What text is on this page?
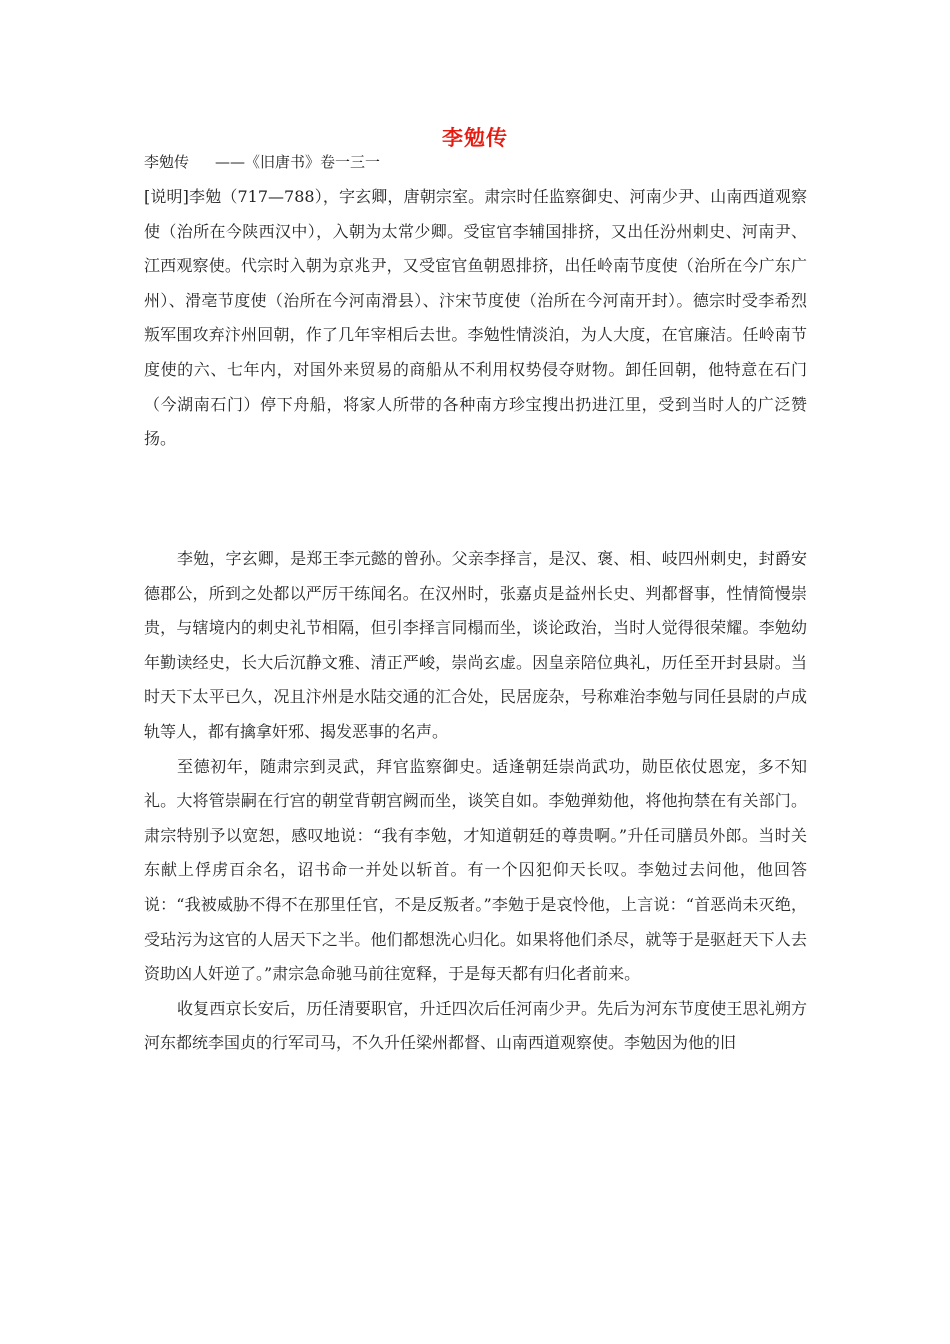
李勉传
李勉传 ——《旧唐书》卷一三一

[说明]李勉（717—788），字玄卿，唐朝宗室。肃宗时任监察御史、河南少尹、山南西道观察使（治所在今陕西汉中），入朝为太常少卿。受宦官李辅国排挤，又出任汾州刺史、河南尹、江西观察使。代宗时入朝为京兆尹，又受宦官鱼朝恩排挤，出任岭南节度使（治所在今广东广州）、滑亳节度使（治所在今河南滑县）、汴宋节度使（治所在今河南开封）。德宗时受李希烈叛军围攻弃汴州回朝，作了几年宰相后去世。李勉性情淡泊，为人大度，在官廉洁。任岭南节度使的六、七年内，对国外来贸易的商船从不利用权势侵夺财物。卸任回朝，他特意在石门（今湖南石门）停下舟船，将家人所带的各种南方珍宝搜出扔进江里，受到当时人的广泛赞扬。

李勉，字玄卿，是郑王李元懿的曾孙。父亲李择言，是汉、褒、相、岐四州刺史，封爵安德郡公，所到之处都以严厉干练闻名。在汉州时，张嘉贞是益州长史、判都督事，性情简慢崇贵，与辖境内的刺史礼节相隔，但引李择言同榻而坐，谈论政治，当时人觉得很荣耀。李勉幼年勤读经史，长大后沉静文雅、清正严峻，崇尚玄虚。因皇亲陪位典礼，历任至开封县尉。当时天下太平已久，况且汴州是水陆交通的汇合处，民居庞杂，号称难治李勉与同任县尉的卢成轨等人，都有擒拿奸邪、揭发恶事的名声。

至德初年，随肃宗到灵武，拜官监察御史。适逢朝廷崇尚武功，勋臣依仗恩宠，多不知礼。大将管崇嗣在行宫的朝堂背朝宫阙而坐，谈笑自如。李勉弹劾他，将他拘禁在有关部门。肃宗特别予以宽恕，感叹地说：“我有李勉，才知道朝廷的尊贵啊。”升任司膳员外郎。当时关东献上俘虏百余名，诏书命一并处以斩首。有一个囚犯仰天长叹。李勉过去问他，他回答说：“我被威胁不得不在那里任官，不是反叛者。”李勉于是哀怜他，上言说：“首恶尚未灭绝，受玷污为这官的人居天下之半。他们都想洗心归化。如果将他们杀尽，就等于是驱赶天下人去资助凶人奸逆了。”肃宗急命驰马前往宽释，于是每天都有归化者前来。

收复西京长安后，历任清要职官，升迁四次后任河南少尹。先后为河东节度使王思礼朔方河东都统李国贞的行军司马，不久升任梁州都督、山南西道观察使。李勉因为他的旧
